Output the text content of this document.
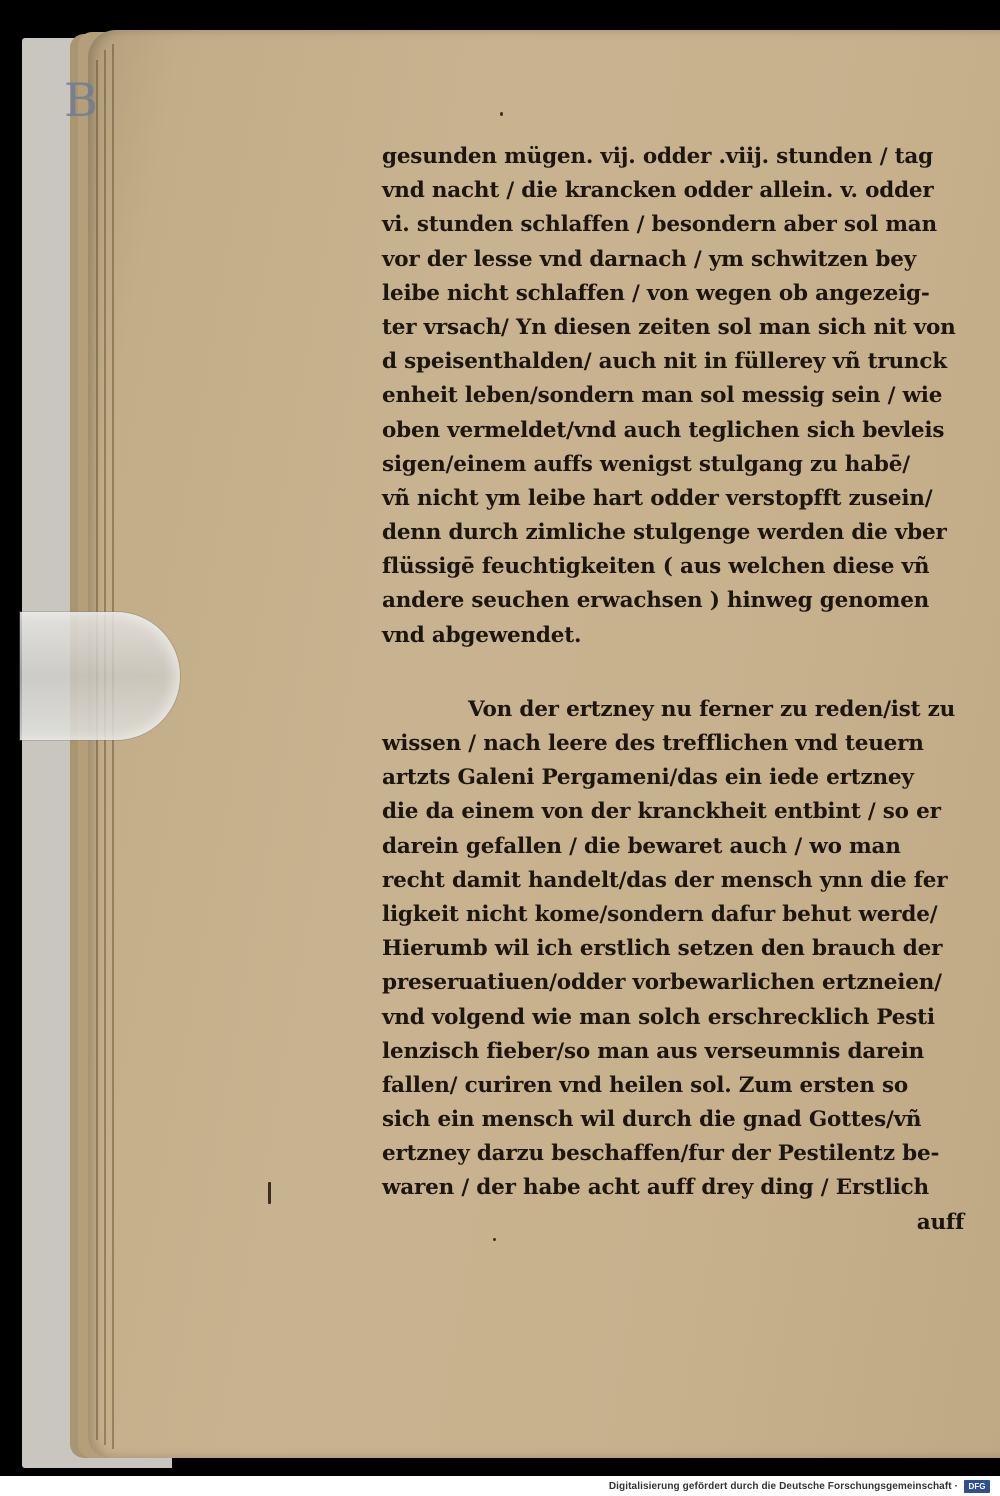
B
gesunden mügen. vij. odder .viij. stunden / tag
vnd nacht / die krancken odder allein. v. odder
vi. stunden schlaffen / besondern aber sol man
vor der lesse vnd darnach / ym schwitzen bey
leibe nicht schlaffen / von wegen ob angezeig-
ter vrsach/ Yn diesen zeiten sol man sich nit von
d speisenthalden/ auch nit in füllerey vñ trunck
enheit leben/sondern man sol messig sein / wie
oben vermeldet/vnd auch teglichen sich bevleis
sigen/einem auffs wenigst stulgang zu habē/
vñ nicht ym leibe hart odder verstopfft zusein/
denn durch zimliche stulgenge werden die vber
flüssigē feuchtigkeiten ( aus welchen diese vñ
andere seuchen erwachsen ) hinweg genomen
vnd abgewendet.
Von der ertzney nu ferner zu reden/ist zu
wissen / nach leere des trefflichen vnd teuern
artzts Galeni Pergameni/das ein iede ertzney
die da einem von der kranckheit entbint / so er
darein gefallen / die bewaret auch / wo man
recht damit handelt/das der mensch ynn die fer
ligkeit nicht kome/sondern dafur behut werde/
Hierumb wil ich erstlich setzen den brauch der
preseruatiuen/odder vorbewarlichen ertzneien/
vnd volgend wie man solch erschrecklich Pesti
lenzisch fieber/so man aus verseumnis darein
fallen/ curiren vnd heilen sol. Zum ersten so
sich ein mensch wil durch die gnad Gottes/vñ
ertzney darzu beschaffen/fur der Pestilentz be-
waren / der habe acht auff drey ding / Erstlich
auff
Digitalisierung gefördert durch die Deutsche Forschungsgemeinschaft ·	DFG
